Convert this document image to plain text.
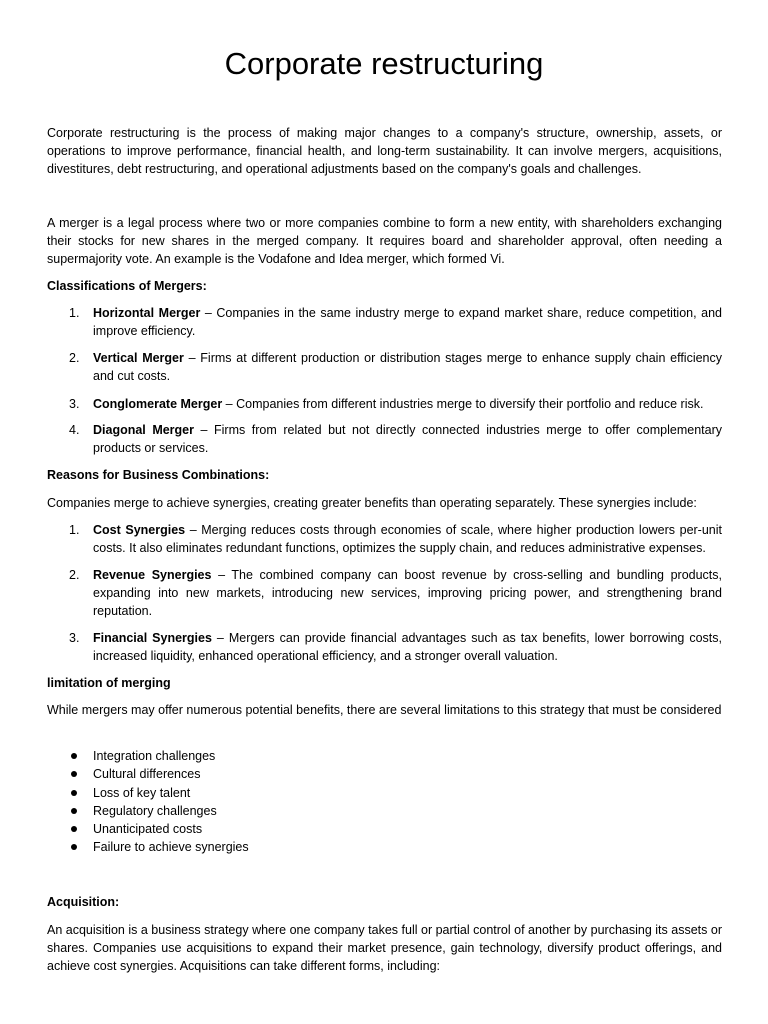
Corporate restructuring

Corporate restructuring is the process of making major changes to a company's structure, ownership, assets, or operations to improve performance, financial health, and long-term sustainability. It can involve mergers, acquisitions, divestitures, debt restructuring, and operational adjustments based on the company's goals and challenges.

A merger is a legal process where two or more companies combine to form a new entity, with shareholders exchanging their stocks for new shares in the merged company. It requires board and shareholder approval, often needing a supermajority vote. An example is the Vodafone and Idea merger, which formed Vi.

Classifications of Mergers:

1.	Horizontal Merger – Companies in the same industry merge to expand market share, reduce competition, and improve efficiency.
2.	Vertical Merger – Firms at different production or distribution stages merge to enhance supply chain efficiency and cut costs.
3.	Conglomerate Merger – Companies from different industries merge to diversify their portfolio and reduce risk.
4.	Diagonal Merger – Firms from related but not directly connected industries merge to offer complementary products or services.

Reasons for Business Combinations:

Companies merge to achieve synergies, creating greater benefits than operating separately. These synergies include:

1.	Cost Synergies – Merging reduces costs through economies of scale, where higher production lowers per-unit costs. It also eliminates redundant functions, optimizes the supply chain, and reduces administrative expenses.
2.	Revenue Synergies – The combined company can boost revenue by cross-selling and bundling products, expanding into new markets, introducing new services, improving pricing power, and strengthening brand reputation.
3.	Financial Synergies – Mergers can provide financial advantages such as tax benefits, lower borrowing costs, increased liquidity, enhanced operational efficiency, and a stronger overall valuation.

limitation of merging

While mergers may offer numerous potential benefits, there are several limitations to this strategy that must be considered

Integration challenges
Cultural differences
Loss of key talent
Regulatory challenges
Unanticipated costs
Failure to achieve synergies

Acquisition:

An acquisition is a business strategy where one company takes full or partial control of another by purchasing its assets or shares. Companies use acquisitions to expand their market presence, gain technology, diversify product offerings, and achieve cost synergies. Acquisitions can take different forms, including:
